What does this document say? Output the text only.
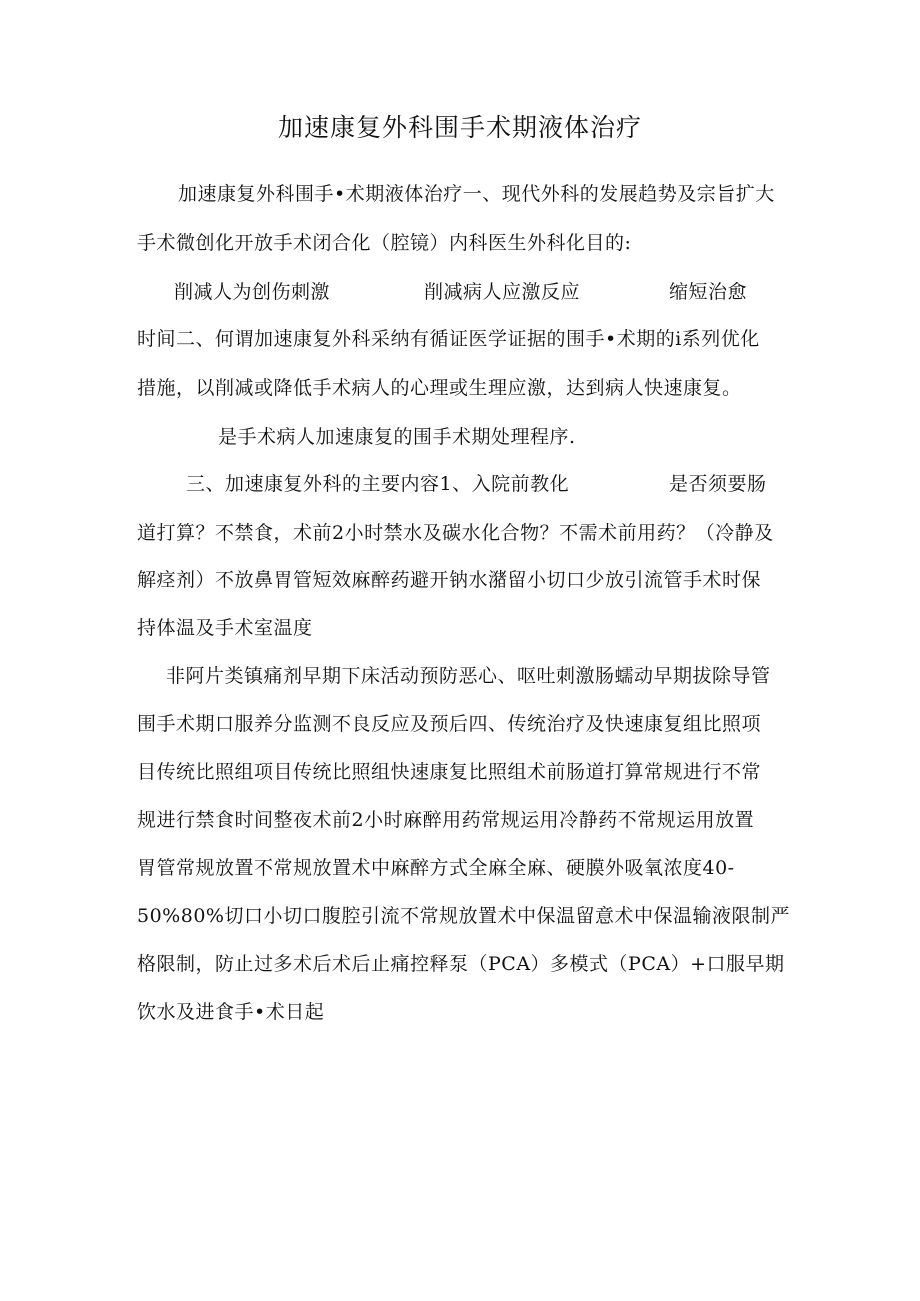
加速康复外科围手术期液体治疗
加速康复外科围手•术期液体治疗一、现代外科的发展趋势及宗旨扩大
手术微创化开放手术闭合化（腔镜）内科医生外科化目的:
削减人为创伤刺激	削减病人应激反应	缩短治愈
时间二、何谓加速康复外科采纳有循证医学证据的围手•术期的i系列优化
措施，以削减或降低手术病人的心理或生理应激，达到病人快速康复。
是手术病人加速康复的围手术期处理程序.
三、加速康复外科的主要内容1、入院前教化	是否须要肠
道打算？不禁食，术前2小时禁水及碳水化合物？不需术前用药？（冷静及
解痉剂）不放鼻胃管短效麻醉药避开钠水潴留小切口少放引流管手术时保
持体温及手术室温度
非阿片类镇痛剂早期下床活动预防恶心、呕吐刺激肠蠕动早期拔除导管
围手术期口服养分监测不良反应及预后四、传统治疗及快速康复组比照项
目传统比照组项目传统比照组快速康复比照组术前肠道打算常规进行不常
规进行禁食时间整夜术前2小时麻醉用药常规运用冷静药不常规运用放置
胃管常规放置不常规放置术中麻醉方式全麻全麻、硬膜外吸氧浓度40-
50%80%切口小切口腹腔引流不常规放置术中保温留意术中保温输液限制严
格限制，防止过多术后术后止痛控释泵（PCA）多模式（PCA）+口服早期
饮水及进食手•术日起
